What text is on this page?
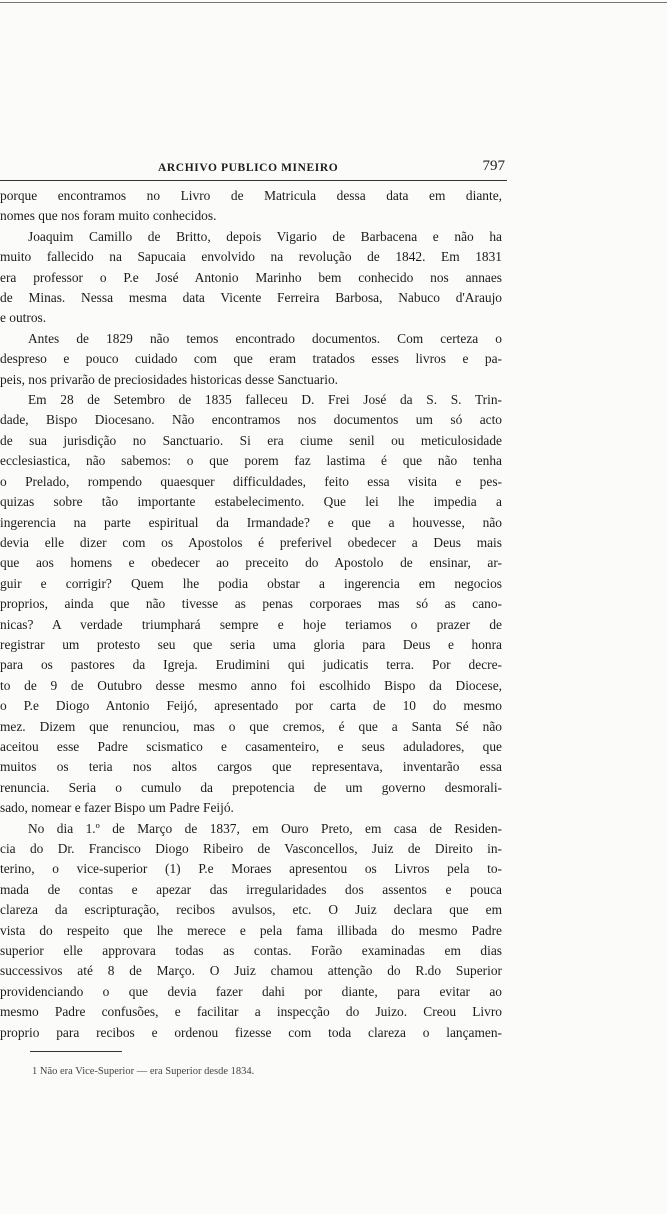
ARCHIVO PUBLICO MINEIRO	797
porque encontramos no Livro de Matricula dessa data em diante,
nomes que nos foram muito conhecidos.
Joaquim Camillo de Britto, depois Vigario de Barbacena e não ha
muito fallecido na Sapucaia envolvido na revolução de 1842. Em 1831
era professor o P.e José Antonio Marinho bem conhecido nos annaes
de Minas. Nessa mesma data Vicente Ferreira Barbosa, Nabuco d'Araujo
e outros.
Antes de 1829 não temos encontrado documentos. Com certeza o
despreso e pouco cuidado com que eram tratados esses livros e pa-
peis, nos privarão de preciosidades historicas desse Sanctuario.
Em 28 de Setembro de 1835 falleceu D. Frei José da S. S. Trin-
dade, Bispo Diocesano. Não encontramos nos documentos um só acto
de sua jurisdição no Sanctuario. Si era ciume senil ou meticulosidade
ecclesiastica, não sabemos: o que porem faz lastima é que não tenha
o Prelado, rompendo quaesquer difficuldades, feito essa visita e pes-
quizas sobre tão importante estabelecimento. Que lei lhe impedia a
ingerencia na parte espiritual da Irmandade? e que a houvesse, não
devia elle dizer com os Apostolos é preferivel obedecer a Deus mais
que aos homens e obedecer ao preceito do Apostolo de ensinar, ar-
guir e corrigir? Quem lhe podia obstar a ingerencia em negocios
proprios, ainda que não tivesse as penas corporaes mas só as cano-
nicas? A verdade triumphará sempre e hoje teriamos o prazer de
registrar um protesto seu que seria uma gloria para Deus e honra
para os pastores da Igreja. Erudimini qui judicatis terra. Por decre-
to de 9 de Outubro desse mesmo anno foi escolhido Bispo da Diocese,
o P.e Diogo Antonio Feijó, apresentado por carta de 10 do mesmo
mez. Dizem que renunciou, mas o que cremos, é que a Santa Sé não
aceitou esse Padre scismatico e casamenteiro, e seus aduladores, que
muitos os teria nos altos cargos que representava, inventarão essa
renuncia. Seria o cumulo da prepotencia de um governo desmorali-
sado, nomear e fazer Bispo um Padre Feijó.
No dia 1.º de Março de 1837, em Ouro Preto, em casa de Residen-
cia do Dr. Francisco Diogo Ribeiro de Vasconcellos, Juiz de Direito in-
terino, o vice-superior (1) P.e Moraes apresentou os Livros pela to-
mada de contas e apezar das irregularidades dos assentos e pouca
clareza da escripturação, recibos avulsos, etc. O Juiz declara que em
vista do respeito que lhe merece e pela fama illibada do mesmo Padre
superior elle approvara todas as contas. Forão examinadas em dias
successivos até 8 de Março. O Juiz chamou attenção do R.do Superior
providenciando o que devia fazer dahi por diante, para evitar ao
mesmo Padre confusões, e facilitar a inspecção do Juizo. Creou Livro
proprio para recibos e ordenou fizesse com toda clareza o lançamen-
1 Não era Vice-Superior — era Superior desde 1834.
